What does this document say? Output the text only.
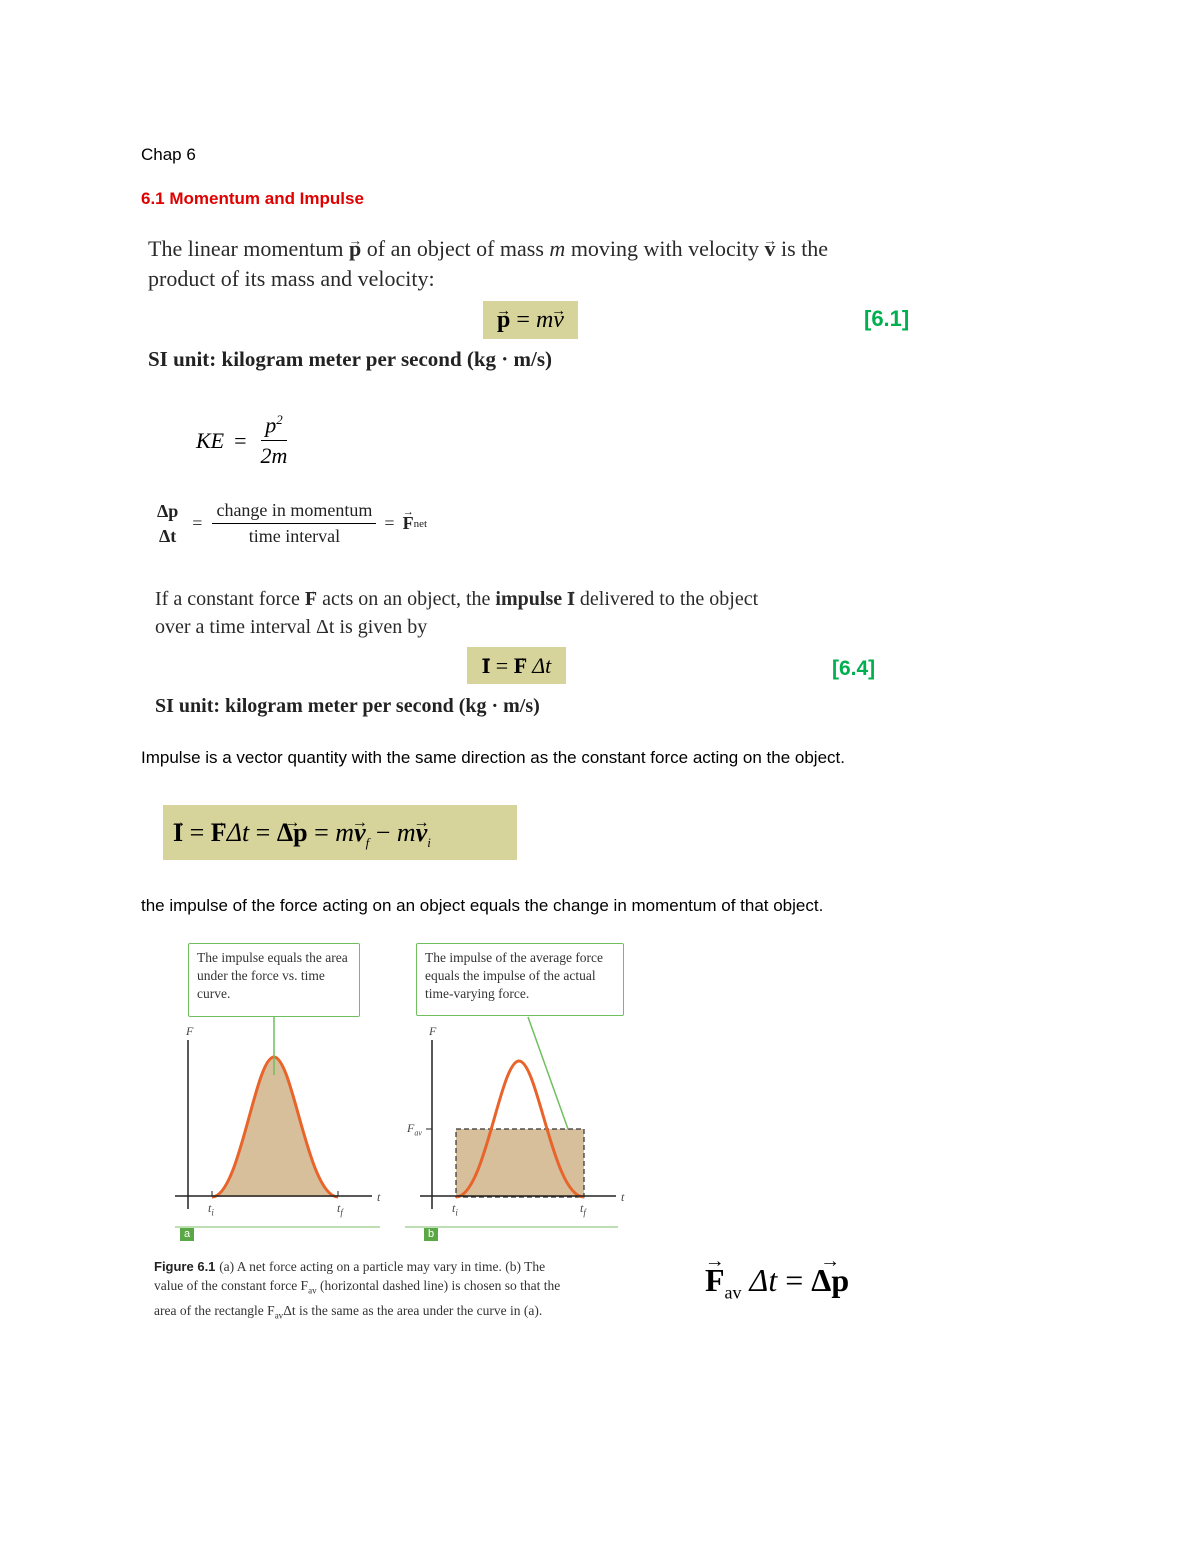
Chap 6
6.1 Momentum and Impulse
The linear momentum → p of an object of mass m moving with velocity → v is the
product of its mass and velocity:
→ p = m→ v	[6.1]
SI unit: kilogram meter per second (kg · m/s)
KE = $\frac{p^2}{2m}$
Δp
Δt
= $\frac{\text{change in momentum}}{\text{time interval}}$ = → F net
If a constant force → F acts on an object, the impulse → I delivered to the object
over a time interval Δt is given by
→ I = → F Δt	[6.4]
SI unit: kilogram meter per second (kg · m/s)
Impulse is a vector quantity with the same direction as the constant force acting on the object.
→ I = → FΔt = → $\Delta p = m\to v_f - m\to v_i$
the impulse of the force acting on an object equals the change in momentum of that object.
The impulse equals the area under the force vs. time curve.
The impulse of the average force equals the impulse of the actual time-varying force.
F
t
$t_i$	$t_f$
F
$F_{av}$
t
$t_i$	$t_f$
a	b
Figure 6.1 (a) A net force acting on a particle may vary in time. (b) The
value of the constant force $F_{av}$ (horizontal dashed line) is chosen so that the
area of the rectangle $F_{av}\Delta t$ is the same as the area under the curve in (a).
→ $F_{av}$ Δt = → Δp
